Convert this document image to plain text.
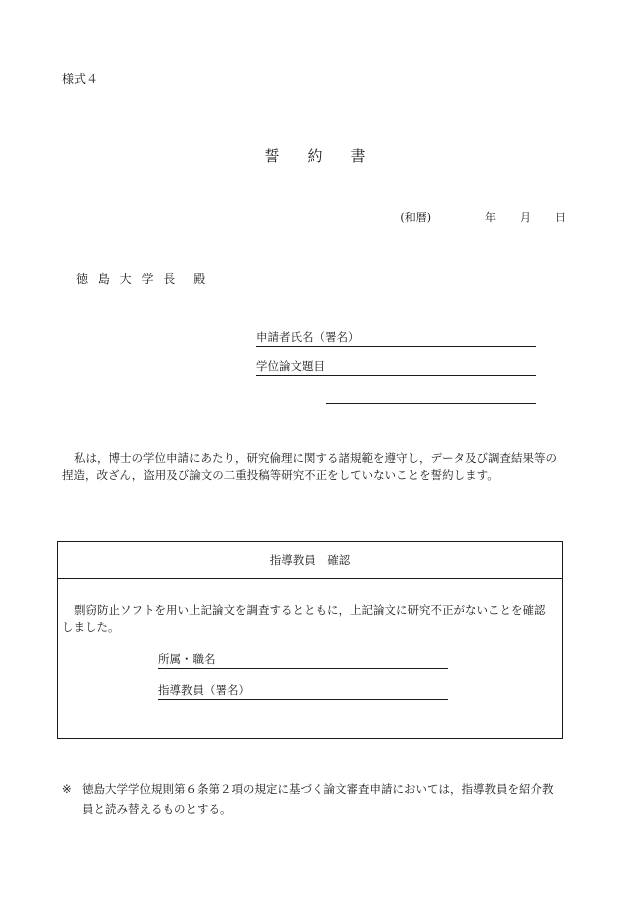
様式４
誓 約 書
(和暦)	年 月 日
徳 島 大 学 長　殿
申請者氏名（署名）
学位論文題目
私は，博士の学位申請にあたり，研究倫理に関する諸規範を遵守し，データ及び調査結果等の捏造，改ざん，盗用及び論文の二重投稿等研究不正をしていないことを誓約します。
指導教員　確認
剽窃防止ソフトを用い上記論文を調査するとともに，上記論文に研究不正がないことを確認しました。
所属・職名
指導教員（署名）
※ 徳島大学学位規則第６条第２項の規定に基づく論文審査申請においては，指導教員を紹介教員と読み替えるものとする。
